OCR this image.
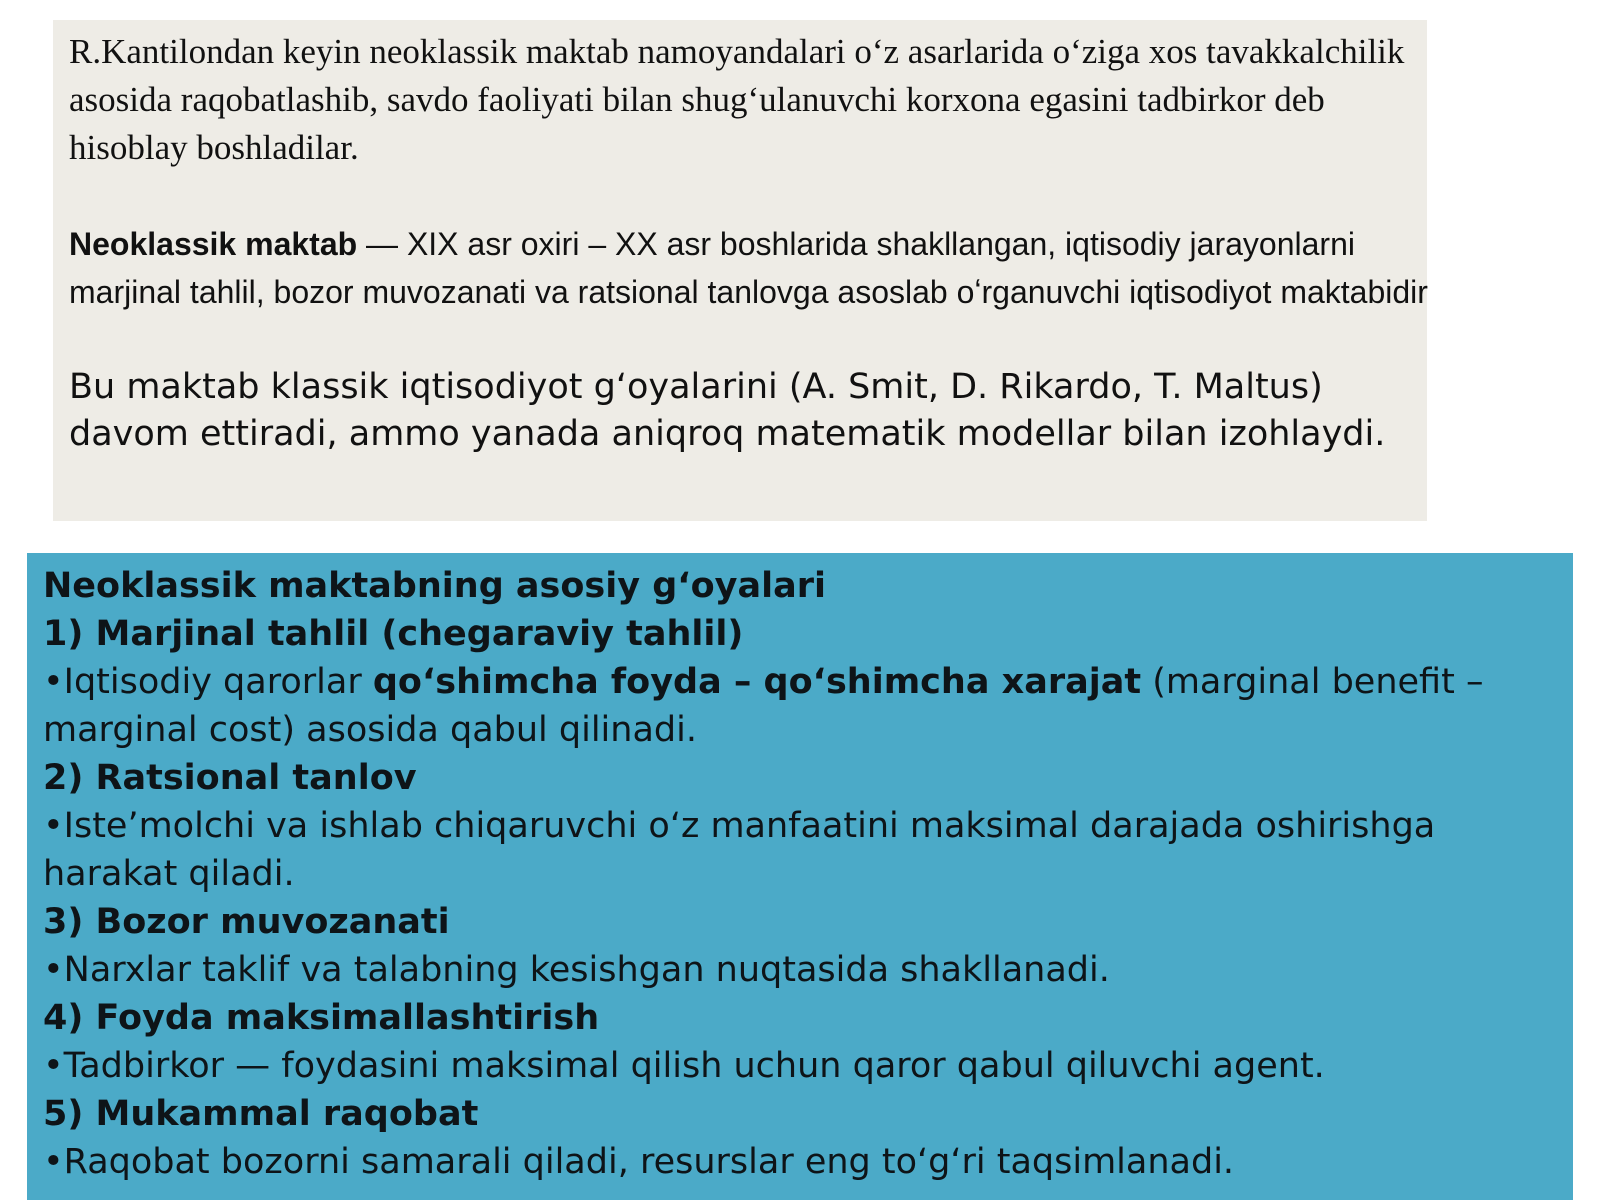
R.Kantilondan keyin neoklassik maktab namoyandalari oʻz asarlarida oʻziga xos tavakkalchilik asosida raqobatlashib, savdo faoliyati bilan shugʻulanuvchi korxona egasini tadbirkor deb hisoblay boshladilar.

Neoklassik maktab — XIX asr oxiri – XX asr boshlarida shakllangan, iqtisodiy jarayonlarni marjinal tahlil, bozor muvozanati va ratsional tanlovga asoslab oʻrganuvchi iqtisodiyot maktabidir

Bu maktab klassik iqtisodiyot g‘oyalarini (A. Smit, D. Rikardo, T. Maltus) davom ettiradi, ammo yanada aniqroq matematik modellar bilan izohlaydi.

Neoklassik maktabning asosiy g‘oyalari

1) Marjinal tahlil (chegaraviy tahlil)

•Iqtisodiy qarorlar qo‘shimcha foyda – qo‘shimcha xarajat (marginal benefit – marginal cost) asosida qabul qilinadi.

2) Ratsional tanlov

•Iste’molchi va ishlab chiqaruvchi o‘z manfaatini maksimal darajada oshirishga harakat qiladi.

3) Bozor muvozanati

•Narxlar taklif va talabning kesishgan nuqtasida shakllanadi.

4) Foyda maksimallashtirish

•Tadbirkor — foydasini maksimal qilish uchun qaror qabul qiluvchi agent.

5) Mukammal raqobat

•Raqobat bozorni samarali qiladi, resurslar eng to‘g‘ri taqsimlanadi.
